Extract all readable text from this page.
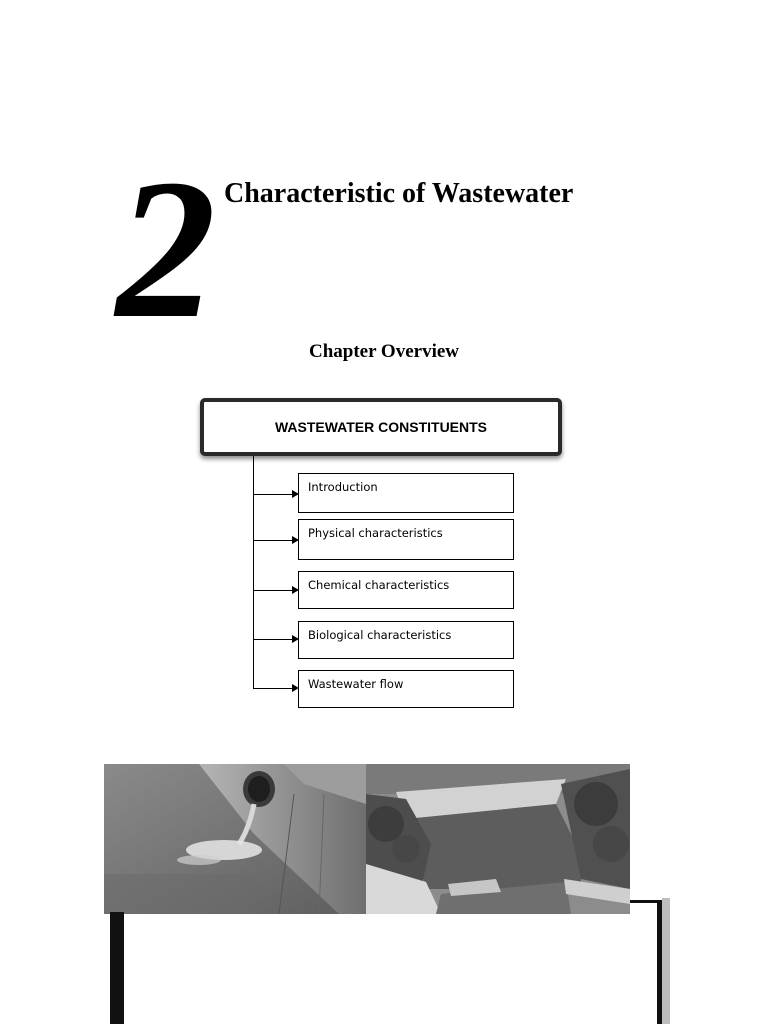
2 Characteristic of Wastewater
Chapter Overview
WASTEWATER CONSTITUENTS
Introduction
Physical characteristics
Chemical characteristics
Biological characteristics
Wastewater flow
